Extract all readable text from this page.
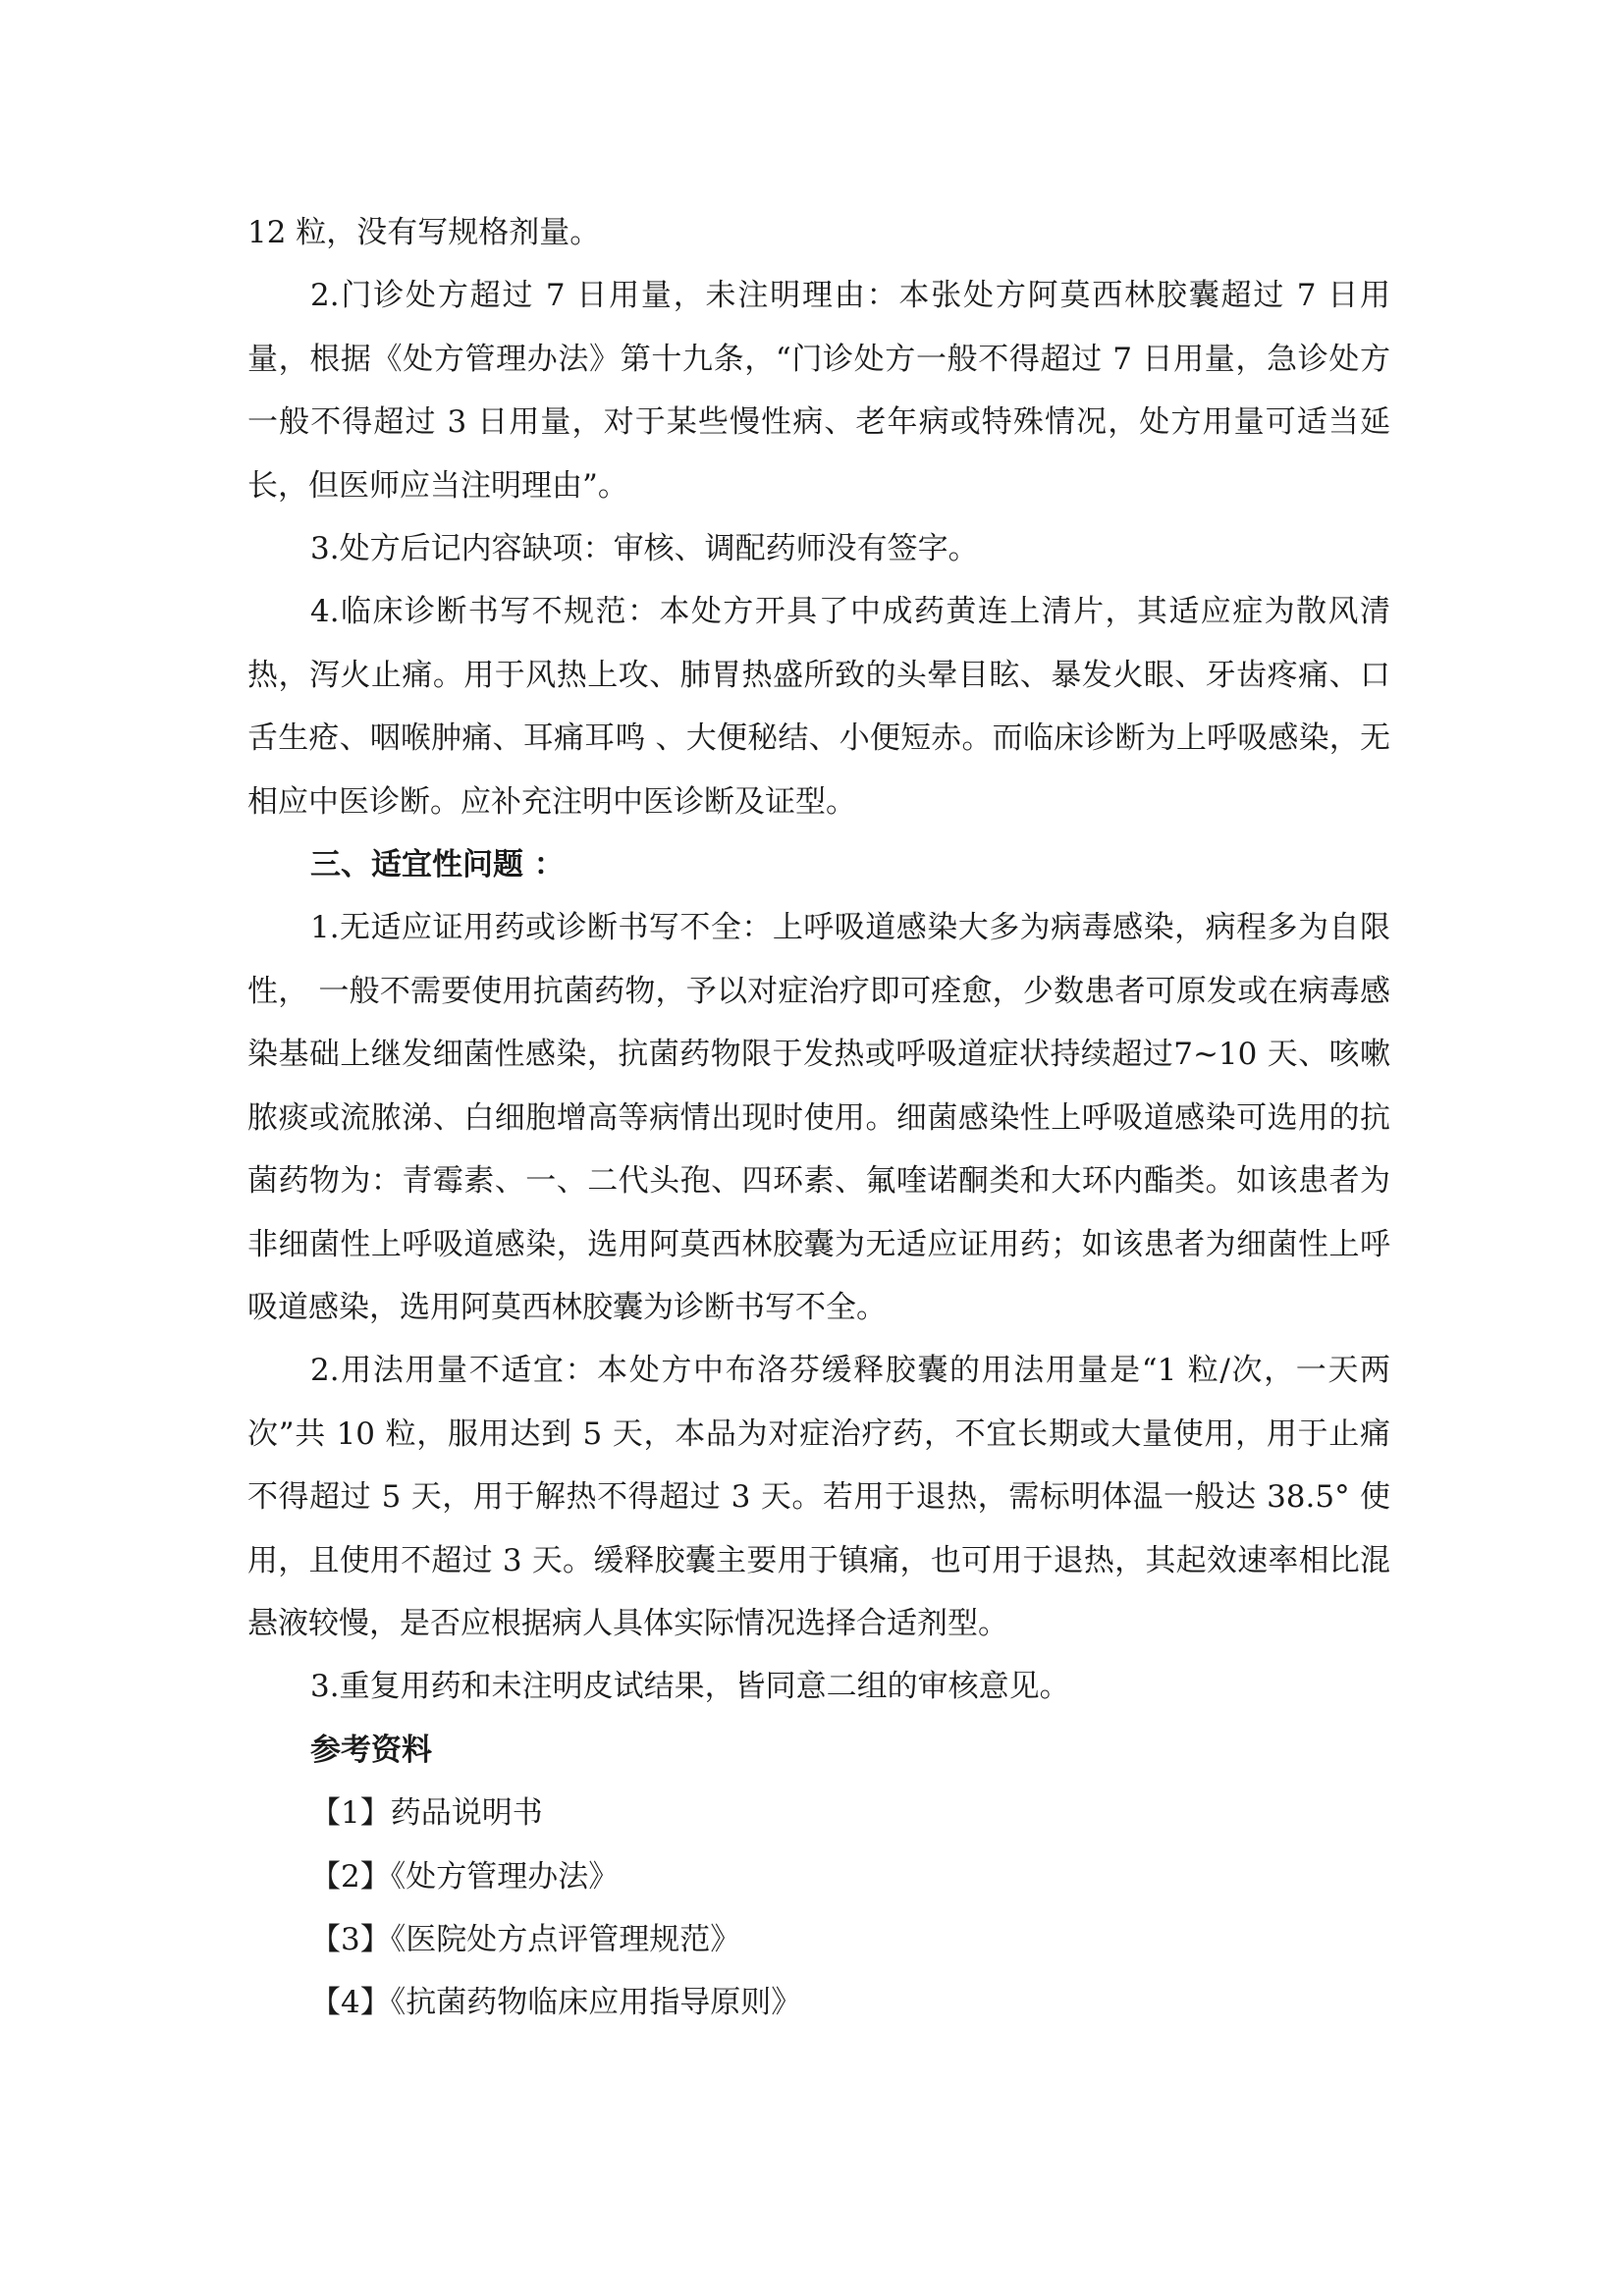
12 粒，没有写规格剂量。

2.门诊处方超过 7 日用量，未注明理由：本张处方阿莫西林胶囊超过 7 日用量，根据《处方管理办法》第十九条，“门诊处方一般不得超过 7 日用量，急诊处方一般不得超过 3 日用量，对于某些慢性病、老年病或特殊情况，处方用量可适当延长，但医师应当注明理由”。

3.处方后记内容缺项：审核、调配药师没有签字。

4.临床诊断书写不规范：本处方开具了中成药黄连上清片，其适应症为散风清热，泻火止痛。用于风热上攻、肺胃热盛所致的头晕目眩、暴发火眼、牙齿疼痛、口舌生疮、咽喉肿痛、耳痛耳鸣 、大便秘结、小便短赤。而临床诊断为上呼吸感染，无相应中医诊断。应补充注明中医诊断及证型。

三、适宜性问题 ：

1.无适应证用药或诊断书写不全：上呼吸道感染大多为病毒感染，病程多为自限性， 一般不需要使用抗菌药物，予以对症治疗即可痊愈，少数患者可原发或在病毒感染基础上继发细菌性感染，抗菌药物限于发热或呼吸道症状持续超过7~10 天、咳嗽脓痰或流脓涕、白细胞增高等病情出现时使用。细菌感染性上呼吸道感染可选用的抗菌药物为：青霉素、一、二代头孢、四环素、氟喹诺酮类和大环内酯类。如该患者为非细菌性上呼吸道感染，选用阿莫西林胶囊为无适应证用药；如该患者为细菌性上呼吸道感染，选用阿莫西林胶囊为诊断书写不全。

2.用法用量不适宜：本处方中布洛芬缓释胶囊的用法用量是“1 粒/次，一天两次”共 10 粒，服用达到 5 天，本品为对症治疗药，不宜长期或大量使用，用于止痛不得超过 5 天，用于解热不得超过 3 天。若用于退热，需标明体温一般达 38.5° 使用，且使用不超过 3 天。缓释胶囊主要用于镇痛，也可用于退热，其起效速率相比混悬液较慢，是否应根据病人具体实际情况选择合适剂型。

3.重复用药和未注明皮试结果，皆同意二组的审核意见。

参考资料

【1】药品说明书

【2】《处方管理办法》

【3】《医院处方点评管理规范》

【4】《抗菌药物临床应用指导原则》
